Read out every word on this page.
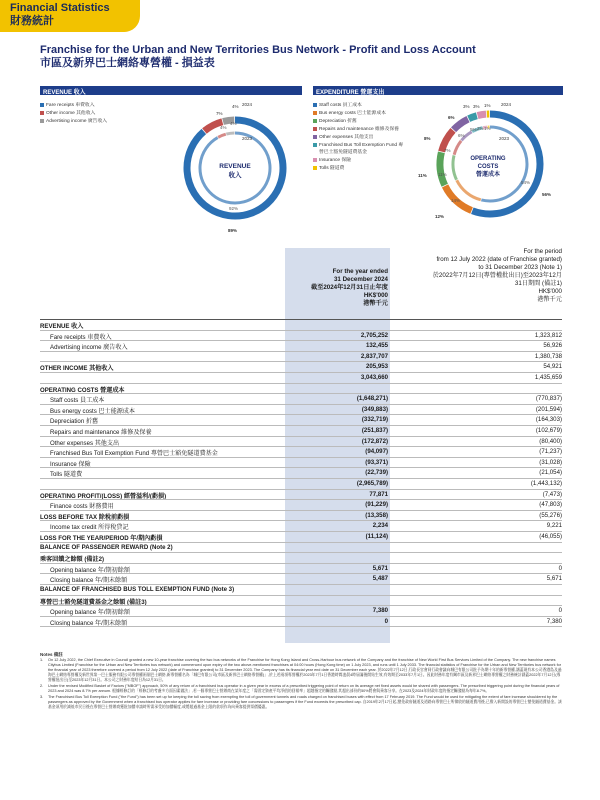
Financial Statistics
財務統計
Franchise for the Urban and New Territories Bus Network - Profit and Loss Account
市區及新界巴士網絡專營權 - 損益表
REVENUE 收入
Fare receipts 車費收入
Other income 其他收入
Advertising income 廣告收入
REVENUE
收入
2024
2023
89%
92%
7%
4%
4%
4%
EXPENDITURE 營運支出
Staff costs 員工成本
Bus energy costs 巴士能源成本
Depreciation 折舊
Repairs and maintenance 維修及保養
Other expenses 其他支出
Franchised Bus Toll Exemption Fund 專營巴士豁免隧道費基金
Insurance 保險
Tolls 隧道費
OPERATING
COSTS
營運成本
2024
2023
56%
12%
11%
8%
6%
3% 3% 1%
54%
14%
11%
7%
6%
5% 2% 1%
For the year ended
31 December 2024
截至2024年12月31日止年度
HK$'000
港幣千元
For the period
from 12 July 2022 (date of Franchise granted)
to 31 December 2023 (Note 1)
於2022年7月12日(專營權批出日)至2023年12月
31日期間 (備註1)
HK$'000
港幣千元
REVENUE 收入
Fare receipts 車費收入	2,705,252	1,323,812
Advertising income 廣告收入	132,455	56,926
2,837,707	1,380,738
OTHER INCOME 其他收入	205,953	54,921
3,043,660	1,435,659
OPERATING COSTS 營運成本
Staff costs 員工成本	(1,648,271)	(770,837)
Bus energy costs 巴士能源成本	(349,883)	(201,594)
Depreciation 折舊	(332,719)	(164,303)
Repairs and maintenance 維修及保養	(251,837)	(102,679)
Other expenses 其他支出	(172,872)	(80,400)
Franchised Bus Toll Exemption Fund 專營巴士豁免隧道費基金	(94,097)	(71,237)
Insurance 保險	(93,371)	(31,028)
Tolls 隧道費	(22,739)	(21,054)
(2,965,789)	(1,443,132)
OPERATING PROFIT/(LOSS) 經營溢利/(虧損)	77,871	(7,473)
Finance costs 財務費用	(91,229)	(47,803)
LOSS BEFORE TAX 除稅前虧損	(13,358)	(55,276)
Income tax credit 所得稅貸記	2,234	9,221
LOSS FOR THE YEAR/PERIOD 年/期內虧損	(11,124)	(46,055)
BALANCE OF PASSENGER REWARD (Note 2)
乘客回饋之餘額 (備註2)
Opening balance 年/期初餘額	5,671	0
Closing balance 年/期末餘額	5,487	5,671
BALANCE OF FRANCHISED BUS TOLL EXEMPTION FUND (Note 3)
專營巴士豁免隧道費基金之餘額 (備註3)
Opening balance 年/期初餘額	7,380	0
Closing balance 年/期末餘額	0	7,380
Notes 備註
1.	On 12 July 2022, the Chief Executive in Council granted a new 10-year franchise covering the two bus networks of the Franchise for Hong Kong Island and Cross-Harbour bus network of the Company and the franchise of New World First Bus Services Limited of the Company. The new franchise names Citybus Limited (Franchise for the Urban and New Territories bus network) and commenced upon expiry of the two above-mentioned franchises at 04:00 hours (Hong Kong time) on 1 July 2023, and runs until 1 July 2033. The financial statistics of Franchise for the Urban and New Territories bus network for the financial year of 2023 therefore covered a period from 12 July 2022 (date of Franchise granted) to 31 December 2023. The Company has its financial year end date on 31 December each year. 於2022年7月12日,行政長官會同行政會議向城巴有限公司批予為期十年的新專營權,涵蓋現有本公司香港島及過海巴士網絡專營權及新世界第一巴士服務有限公司專營權兩個巴士網絡,新專營權名為「城巴有限公司(市區及新界巴士網絡專營權)」,於上述兩項專營權於2023年7月1日香港時間凌晨4時屆滿後開始生效,有效期至2033年7月1日。因此財務年度有關市區及新界巴士網絡專營權之財務統計涵蓋2022年7月12日(專營權批出日)至2023年12月31日。本公司之財務年度結日為12月31日。
2.	Under the revised Modified Basket of Factors ("MBOF") approach, 50% of any return of a franchised bus operator in a given year in excess of a prescribed triggering point of return on its average net fixed assets would be shared with passengers. The prescribed triggering point during the financial years of 2023 and 2024 was 8.7% per annum. 根據經修訂的「經修訂的考慮多方面因素做法」,若一個專營巴士營辦商在某年度之「需固定資產平均淨值的回報率」超越指定的觸發點,其超出部份的50%將會與乘客分享。在2023及2024年財政年度的指定觸發點為每年8.7%。
3.	The Franchised Bus Toll Exemption Fund ("the Fund") has been set up for keeping the toll saving from exempting the toll of government tunnels and roads charged on franchised buses with effect from 17 February 2019. The Fund would be used for mitigating the extent of fare increase shouldered by the passengers as approved by the Government when a franchised bus operator applies for fare increase or providing fare concessions to passengers if the Fund exceeds the prescribed cap. 自2019年2月17日起,豁免政府隧道及道路向專營巴士所徵收的隧道費用後,已撥入新開設的專營巴士豁免隧道費基金。該基金須用於減低市民日後在專營巴士營辦商獲批加價申請時所需承受的加價幅度,或將超過基金上限的款項作為向乘客提供票價優惠。
